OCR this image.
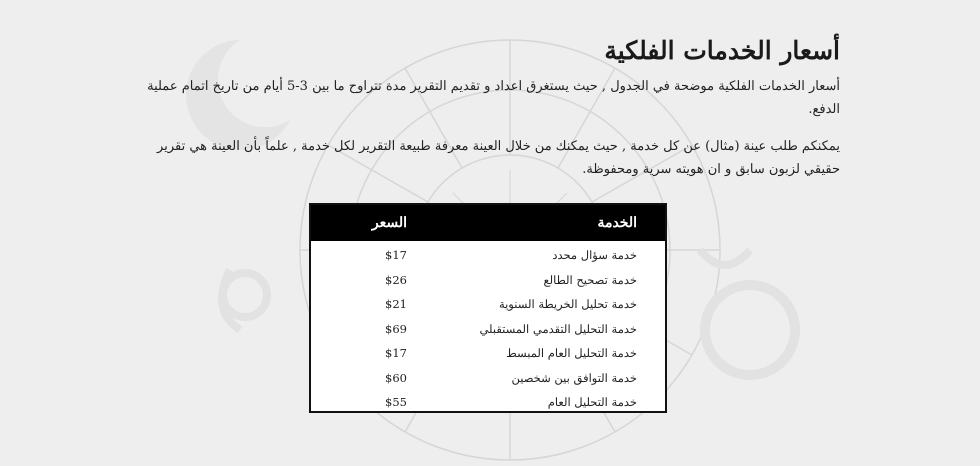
أسعار الخدمات الفلكية

أسعار الخدمات الفلكية موضحة في الجدول , حيث يستغرق اعداد و تقديم التقرير مدة تتراوح ما بين 3-5 أيام من تاريخ اتمام عملية الدفع.

يمكنكم طلب عينة (مثال) عن كل خدمة , حيث يمكنك من خلال العينة معرفة طبيعة التقرير لكل خدمة , علماً بأن العينة هي تقرير حقيقي لزبون سابق و ان هويته سرية ومحفوظة.

الخدمة
السعر
خدمة سؤال محدد
$17
خدمة تصحيح الطالع
$26
خدمة تحليل الخريطة السنوية
$21
خدمة التحليل التقدمي المستقبلي
$69
خدمة التحليل العام المبسط
$17
خدمة التوافق بين شخصين
$60
خدمة التحليل العام
$55
